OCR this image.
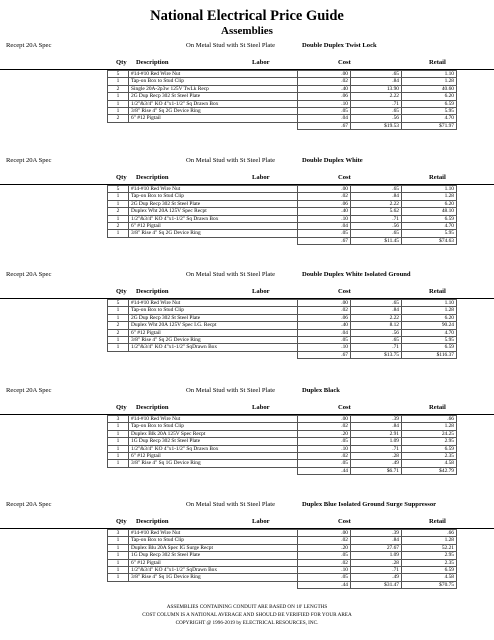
National Electrical Price Guide
Assemblies
Recept 20A Spec	On Metal Stud with St Steel Plate	Double Duplex Twist Lock
Qty Description	Labor	Cost	Retail
5	#14-#10 Red Wire Nut	.00	.65	1.10
1	Tap-on Box to Stud Clip	.02	.84	1.28
2	Single 20A-2p3w 125V TwLk Recp	.40	13.90	40.60
1	2G Dup Recp 302 St Steel Plate	.06	2.22	6.20
1	1/2"&3/4" KO 4"x1-1/2" Sq Drawn Box	.10	.71	6.59
1	3/8" Rise 4" Sq 2G Device Ring	.05	.65	5.95
2	6" #12 Pigtail	.04	.56	4.70
		.67	$19.53	$71.97
Recept 20A Spec	On Metal Stud with St Steel Plate	Double Duplex White
Qty Description	Labor	Cost	Retail
5	#14-#10 Red Wire Nut	.00	.65	1.10
1	Tap-on Box to Stud Clip	.02	.84	1.28
1	2G Dup Recp 302 St Steel Plate	.06	2.22	6.20
2	Duplex Wht 20A 125V Spec Recpt	.40	5.62	48.10
1	1/2"&3/4" KO 4"x1-1/2" Sq Drawn Box	.10	.71	6.59
2	6" #12 Pigtail	.04	.56	4.70
1	3/8" Rise 4" Sq 2G Device Ring	.05	.65	5.95
		.67	$11.45	$74.63
Recept 20A Spec	On Metal Stud with St Steel Plate	Double Duplex White Isolated Ground
Qty Description	Labor	Cost	Retail
5	#14-#10 Red Wire Nut	.00	.65	1.10
1	Tap-on Box to Stud Clip	.02	.84	1.28
1	2G Dup Recp 302 St Steel Plate	.06	2.22	6.20
2	Duplex Wht 20A 125V Spec I.G. Recpt	.40	8.12	90.24
2	6" #12 Pigtail	.04	.56	4.70
1	3/8" Rise 4" Sq 2G Device Ring	.05	.65	5.95
1	1/2"&3/4" KO 4"x1-1/2" SqDrawn Box	.10	.71	6.59
		.67	$13.75	$116.37
Recept 20A Spec	On Metal Stud with St Steel Plate	Duplex Black
Qty Description	Labor	Cost	Retail
3	#14-#10 Red Wire Nut	.00	.39	.66
1	Tap-on Box to Stud Clip	.02	.84	1.28
1	Duplex Blk 20A 125V Spec Recpt	.20	2.91	24.25
1	1G Dup Recp 302 St Steel Plate	.05	1.09	2.95
1	1/2"&3/4" KO 4"x1-1/2" Sq Drawn Box	.10	.71	6.59
1	6" #12 Pigtail	.02	.28	2.35
1	3/8" Rise 4" Sq 1G Device Ring	.05	.49	4.58
		.44	$6.71	$42.79
Recept 20A Spec	On Metal Stud with St Steel Plate	Duplex Blue Isolated Ground Surge Suppressor
Qty Description	Labor	Cost	Retail
3	#14-#10 Red Wire Nut	.00	.39	.66
1	Tap-on Box to Stud Clip	.02	.84	1.28
1	Duplex Blu 20A Spec IG Surge Recpt	.20	27.67	52.21
1	1G Dup Recp 302 St Steel Plate	.05	1.09	2.95
1	6" #12 Pigtail	.02	.28	2.35
1	1/2"&3/4" KO 4"x1-1/2" SqDrawn Box	.10	.71	6.59
1	3/8" Rise 4" Sq 1G Device Ring	.05	.49	4.58
		.44	$31.47	$70.75
ASSEMBLIES CONTAINING CONDUIT ARE BASED ON 10' LENGTHS
COST COLUMN IS A NATIONAL AVERAGE AND SHOULD BE VERIFIED FOR YOUR AREA
COPYRIGHT @ 1996-2019 by ELECTRICAL RESOURCES, INC.
